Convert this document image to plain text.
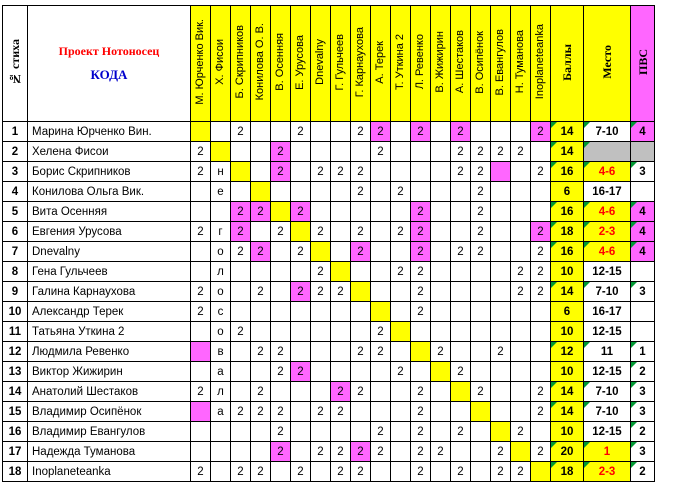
№ стиха	Проект Нотоносец
КОДА	М. Юрченко Вик.	Х. Фисои	Б. Скрипников	Конилова О. В.	В. Осенняя	Е. Урусова	Dnevalny	Г. Гульчеев	Г. Карнаухова	А. Терек	Т. Уткина 2	Л. Ревенко	В. Жижирин	А. Шестаков	В. Осипёнок	В. Евангулов	Н. Туманова	Inoplaneteanka	Баллы	Место	ПВС
1	Марина Юрченко Вин.			2			2			2	2		2		2				2	14	7-10	4
2	Хелена Фисои	2				2					2				2	2	2	2		14		
3	Борис Скрипников	2	н			2		2	2	2					2	2			2	16	4-6	3
4	Конилова Ольга Вик.		е							2		2				2				6	16-17	
5	Вита Осенняя			2	2		2						2			2				16	4-6	4
6	Евгения Урусова	2	г	2		2		2		2		2	2			2			2	18	2-3	4
7	Dnevalny		о	2	2		2			2			2		2	2			2	16	4-6	4
8	Гена Гульчеев		л					2				2	2					2	2	10	12-15	
9	Галина Карнаухова	2	о		2		2	2	2				2					2	2	14	7-10	3
10	Александр Терек	2	с										2							6	16-17	
11	Татьяна Уткина 2		о	2							2									10	12-15	
12	Людмила Ревенко		в		2	2				2	2			2			2			12	11	1
13	Виктор Жижирин		а			2	2					2			2					10	12-15	2
14	Анатолий Шестаков	2	л		2				2	2			2			2			2	14	7-10	3
15	Владимир Осипёнок		а	2	2	2		2	2				2						2	14	7-10	3
16	Владимир Евангулов					2					2		2		2			2		10	12-15	2
17	Надежда Туманова					2		2	2	2	2		2	2			2		2	20	1	3
18	Inoplaneteanka	2		2	2		2		2	2			2		2		2	2		18	2-3	2
